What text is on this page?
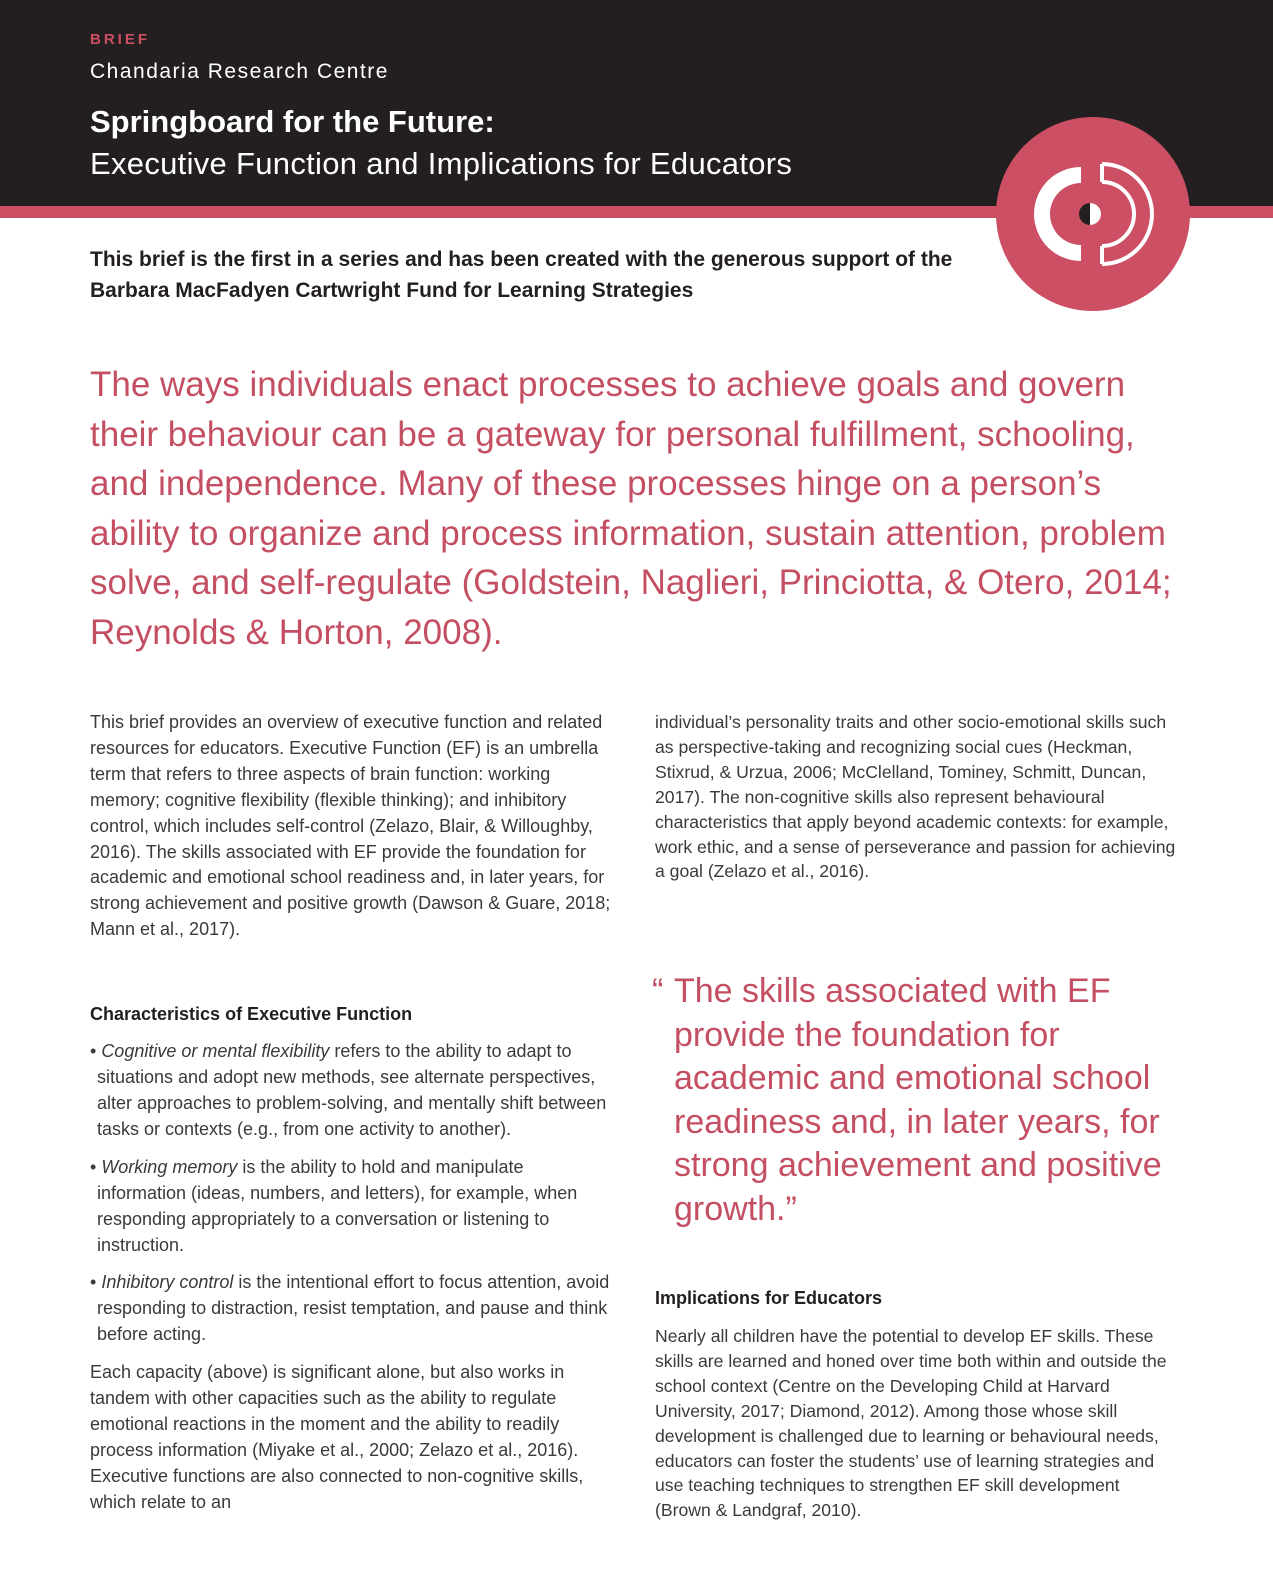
BRIEF
Chandaria Research Centre
Springboard for the Future:
Executive Function and Implications for Educators
This brief is the first in a series and has been created with the generous support of the Barbara MacFadyen Cartwright Fund for Learning Strategies
The ways individuals enact processes to achieve goals and govern their behaviour can be a gateway for personal fulfillment, schooling, and independence. Many of these processes hinge on a person’s ability to organize and process information, sustain attention, problem solve, and self-regulate (Goldstein, Naglieri, Princiotta, & Otero, 2014; Reynolds & Horton, 2008).

This brief provides an overview of executive function and related resources for educators. Executive Function (EF) is an umbrella term that refers to three aspects of brain function: working memory; cognitive flexibility (flexible thinking); and inhibitory control, which includes self-control (Zelazo, Blair, & Willoughby, 2016). The skills associated with EF provide the foundation for academic and emotional school readiness and, in later years, for strong achievement and positive growth (Dawson & Guare, 2018; Mann et al., 2017).

Characteristics of Executive Function

• Cognitive or mental flexibility refers to the ability to adapt to situations and adopt new methods, see alternate perspectives, alter approaches to problem-solving, and mentally shift between tasks or contexts (e.g., from one activity to another).

• Working memory is the ability to hold and manipulate information (ideas, numbers, and letters), for example, when responding appropriately to a conversation or listening to instruction.

• Inhibitory control is the intentional effort to focus attention, avoid responding to distraction, resist temptation, and pause and think before acting.

Each capacity (above) is significant alone, but also works in tandem with other capacities such as the ability to regulate emotional reactions in the moment and the ability to readily process information (Miyake et al., 2000; Zelazo et al., 2016). Executive functions are also connected to non-cognitive skills, which relate to an

individual’s personality traits and other socio-emotional skills such as perspective-taking and recognizing social cues (Heckman, Stixrud, & Urzua, 2006; McClelland, Tominey, Schmitt, Duncan, 2017). The non-cognitive skills also represent behavioural characteristics that apply beyond academic contexts: for example, work ethic, and a sense of perseverance and passion for achieving a goal (Zelazo et al., 2016).

“ The skills associated with EF provide the foundation for academic and emotional school readiness and, in later years, for strong achievement and positive growth.”
Implications for Educators

Nearly all children have the potential to develop EF skills. These skills are learned and honed over time both within and outside the school context (Centre on the Developing Child at Harvard University, 2017; Diamond, 2012). Among those whose skill development is challenged due to learning or behavioural needs, educators can foster the students’ use of learning strategies and use teaching techniques to strengthen EF skill development (Brown & Landgraf, 2010).
